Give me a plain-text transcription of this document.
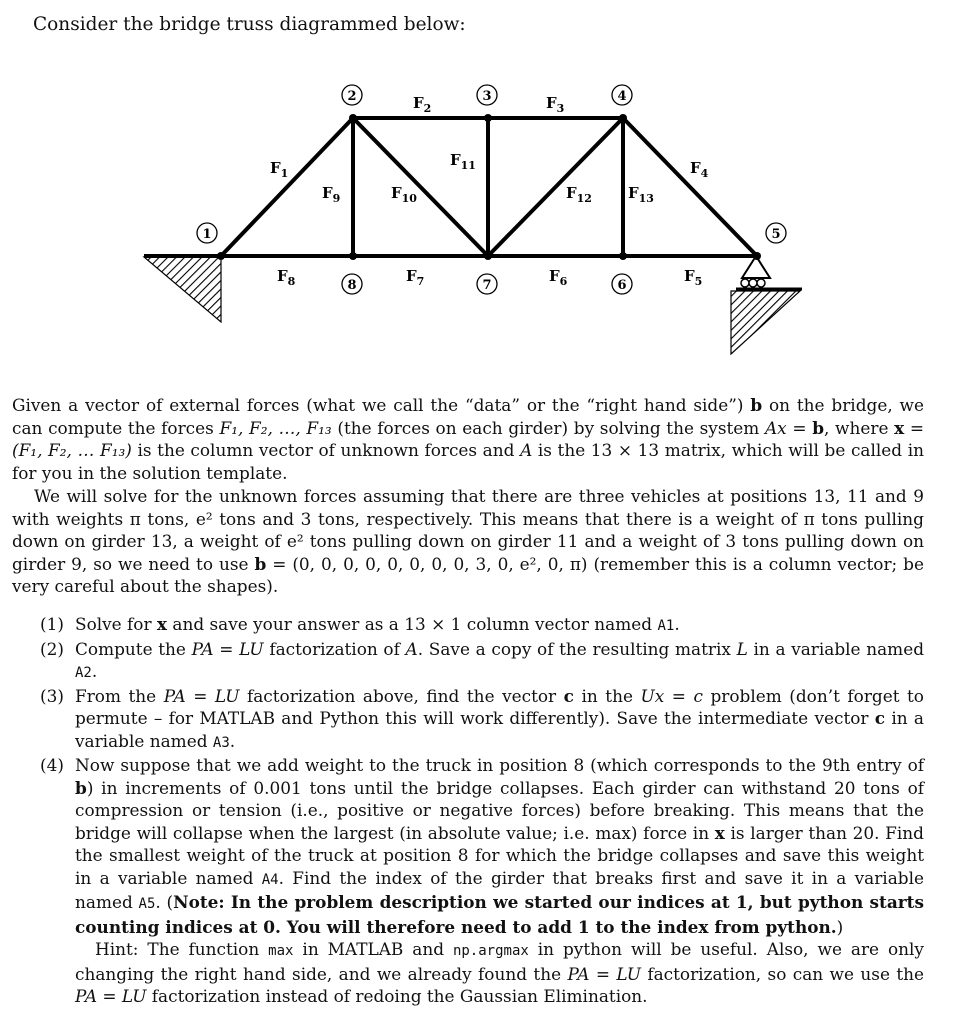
Consider the bridge truss diagrammed below:
1
2	3	4
5
6
7
8
$F_1$
$F_2$	$F_3$
$F_4$
$F_5$
$F_6$
$F_7$
$F_8$
$F_9$	$F_{10}$
$F_{11}$
$F_{12}$ $F_{13}$
Given a vector of external forces (what we call the “data” or the “right hand side”) b on the bridge, we can compute the forces F₁, F₂, …, F₁₃ (the forces on each girder) by solving the system Ax = b, where x = (F₁, F₂, … F₁₃) is the column vector of unknown forces and A is the 13 × 13 matrix, which will be called in for you in the solution template.
We will solve for the unknown forces assuming that there are three vehicles at positions 13, 11 and 9 with weights π tons, e² tons and 3 tons, respectively. This means that there is a weight of π tons pulling down on girder 13, a weight of e² tons pulling down on girder 11 and a weight of 3 tons pulling down on girder 9, so we need to use b = (0, 0, 0, 0, 0, 0, 0, 0, 3, 0, e², 0, π) (remember this is a column vector; be very careful about the shapes).
(1) Solve for x and save your answer as a 13 × 1 column vector named A1.
(2) Compute the PA = LU factorization of A. Save a copy of the resulting matrix L in a variable named A2.
(3) From the PA = LU factorization above, find the vector c in the Ux = c problem (don’t forget to permute – for MATLAB and Python this will work differently). Save the intermediate vector c in a variable named A3.
(4) Now suppose that we add weight to the truck in position 8 (which corresponds to the 9th entry of b) in increments of 0.001 tons until the bridge collapses. Each girder can withstand 20 tons of compression or tension (i.e., positive or negative forces) before breaking. This means that the bridge will collapse when the largest (in absolute value; i.e. max) force in x is larger than 20. Find the smallest weight of the truck at position 8 for which the bridge collapses and save this weight in a variable named A4. Find the index of the girder that breaks first and save it in a variable named A5. (Note: In the problem description we started our indices at 1, but python starts counting indices at 0. You will therefore need to add 1 to the index from python.)
Hint: The function max in MATLAB and np.argmax in python will be useful. Also, we are only changing the right hand side, and we already found the PA = LU factorization, so can we use the PA = LU factorization instead of redoing the Gaussian Elimination.
